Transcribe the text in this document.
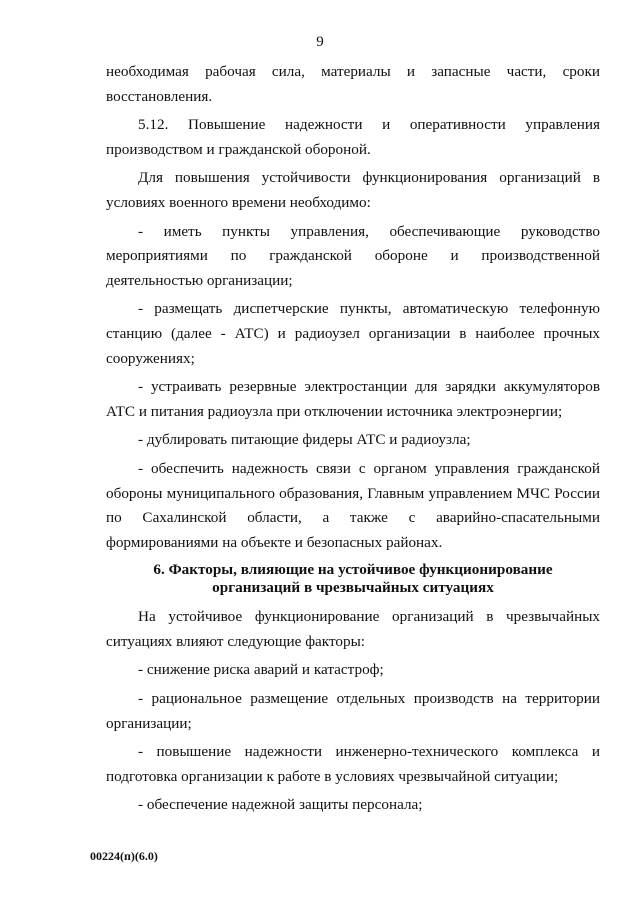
9

необходимая рабочая сила, материалы и запасные части, сроки восстановления.

5.12. Повышение надежности и оперативности управления производством и гражданской обороной.

Для повышения устойчивости функционирования организаций в условиях военного времени необходимо:

- иметь пункты управления, обеспечивающие руководство мероприятиями по гражданской обороне и производственной деятельностью организации;

- размещать диспетчерские пункты, автоматическую телефонную станцию (далее - АТС) и радиоузел организации в наиболее прочных сооружениях;

- устраивать резервные электростанции для зарядки аккумуляторов АТС и питания радиоузла при отключении источника электроэнергии;

- дублировать питающие фидеры АТС и радиоузла;

- обеспечить надежность связи с органом управления гражданской обороны муниципального образования, Главным управлением МЧС России по Сахалинской области, а также с аварийно-спасательными формированиями на объекте и безопасных районах.

6. Факторы, влияющие на устойчивое функционирование
организаций в чрезвычайных ситуациях

На устойчивое функционирование организаций в чрезвычайных ситуациях влияют следующие факторы:

- снижение риска аварий и катастроф;

- рациональное размещение отдельных производств на территории организации;

- повышение надежности инженерно-технического комплекса и подготовка организации к работе в условиях чрезвычайной ситуации;

- обеспечение надежной защиты персонала;

00224(п)(6.0)
